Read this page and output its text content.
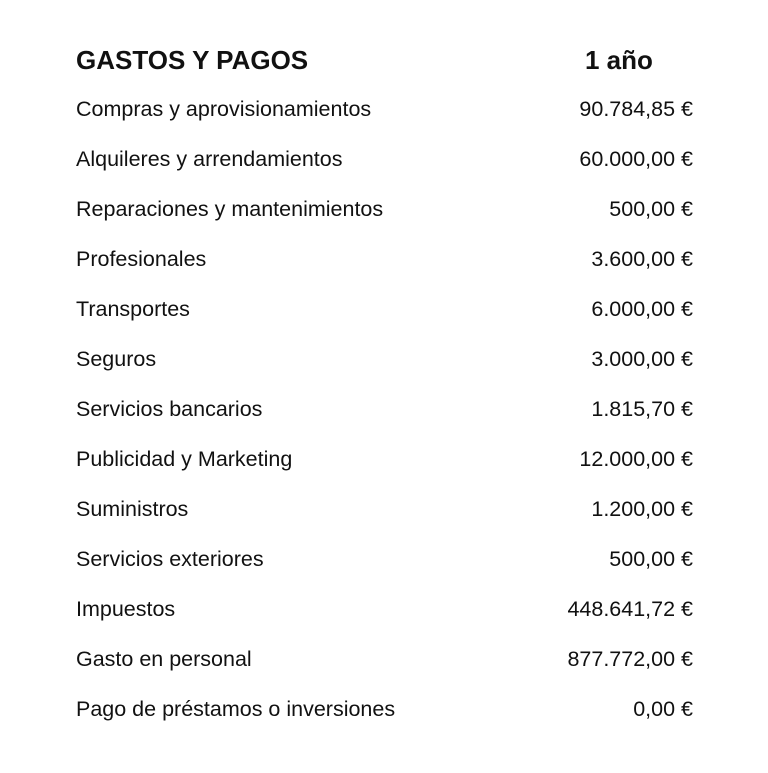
GASTOS Y PAGOS	1 año
Compras y aprovisionamientos	90.784,85 €
Alquileres y arrendamientos	60.000,00 €
Reparaciones y mantenimientos	500,00 €
Profesionales	3.600,00 €
Transportes	6.000,00 €
Seguros	3.000,00 €
Servicios bancarios	1.815,70 €
Publicidad y Marketing	12.000,00 €
Suministros	1.200,00 €
Servicios exteriores	500,00 €
Impuestos	448.641,72 €
Gasto en personal	877.772,00 €
Pago de préstamos o inversiones	0,00 €
